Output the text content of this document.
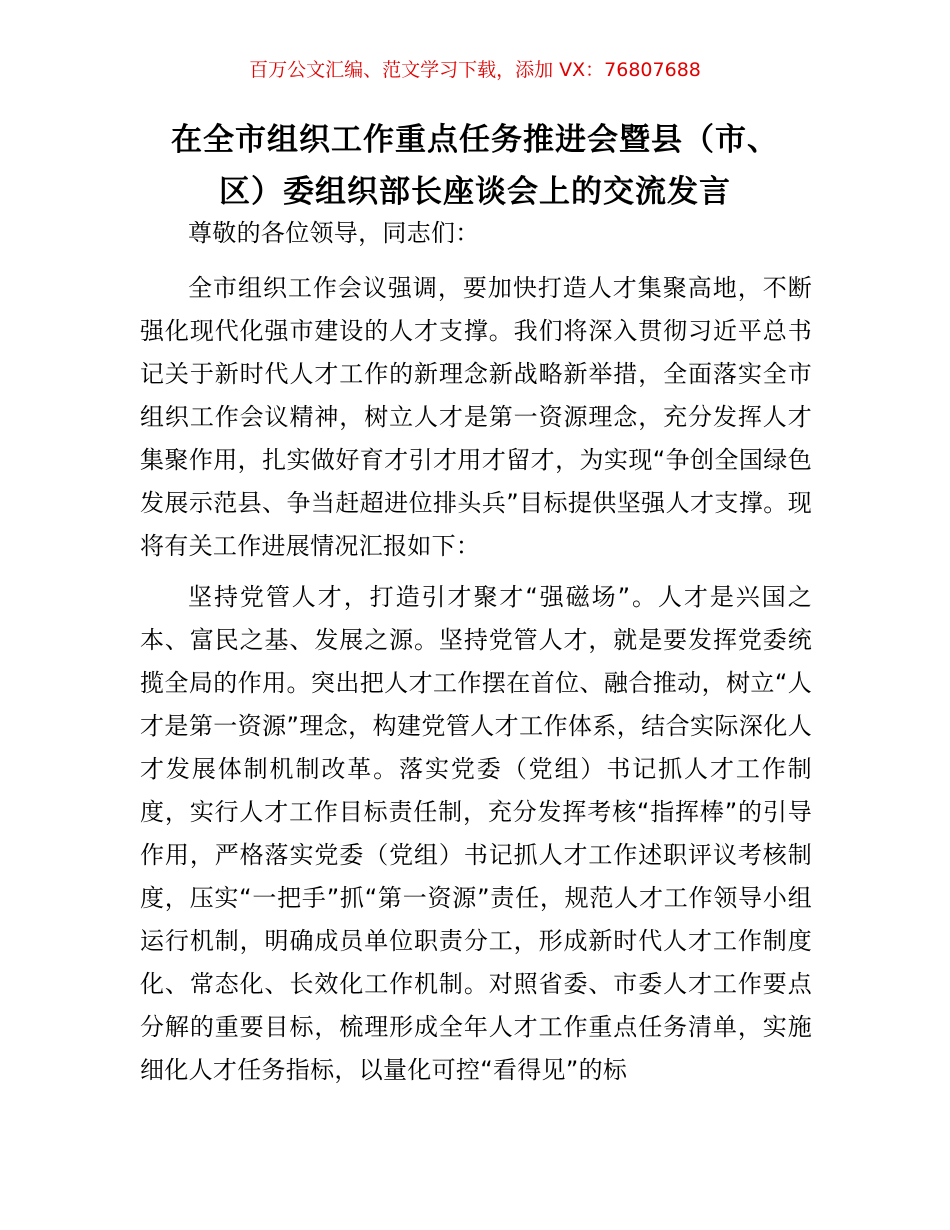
百万公文汇编、范文学习下载，添加 VX：76807688
在全市组织工作重点任务推进会暨县（市、
区）委组织部长座谈会上的交流发言

尊敬的各位领导，同志们：

全市组织工作会议强调，要加快打造人才集聚高地，不断强化现代化强市建设的人才支撑。我们将深入贯彻习近平总书记关于新时代人才工作的新理念新战略新举措，全面落实全市组织工作会议精神，树立人才是第一资源理念，充分发挥人才集聚作用，扎实做好育才引才用才留才，为实现“争创全国绿色发展示范县、争当赶超进位排头兵”目标提供坚强人才支撑。现将有关工作进展情况汇报如下：

坚持党管人才，打造引才聚才“强磁场”。人才是兴国之本、富民之基、发展之源。坚持党管人才，就是要发挥党委统揽全局的作用。突出把人才工作摆在首位、融合推动，树立“人才是第一资源”理念，构建党管人才工作体系，结合实际深化人才发展体制机制改革。落实党委（党组）书记抓人才工作制度，实行人才工作目标责任制，充分发挥考核“指挥棒”的引导作用，严格落实党委（党组）书记抓人才工作述职评议考核制度，压实“一把手”抓“第一资源”责任，规范人才工作领导小组运行机制，明确成员单位职责分工，形成新时代人才工作制度化、常态化、长效化工作机制。对照省委、市委人才工作要点分解的重要目标，梳理形成全年人才工作重点任务清单，实施细化人才任务指标，以量化可控“看得见”的标
